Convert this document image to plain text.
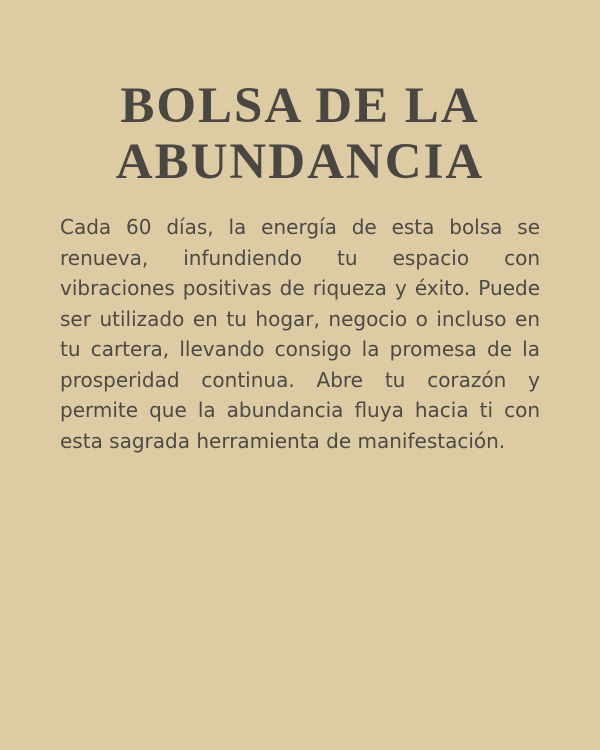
BOLSA DE LA
ABUNDANCIA

Cada 60 días, la energía de esta bolsa se renueva, infundiendo tu espacio con vibraciones positivas de riqueza y éxito. Puede ser utilizado en tu hogar, negocio o incluso en tu cartera, llevando consigo la promesa de la prosperidad continua. Abre tu corazón y permite que la abundancia fluya hacia ti con esta sagrada herramienta de manifestación.
